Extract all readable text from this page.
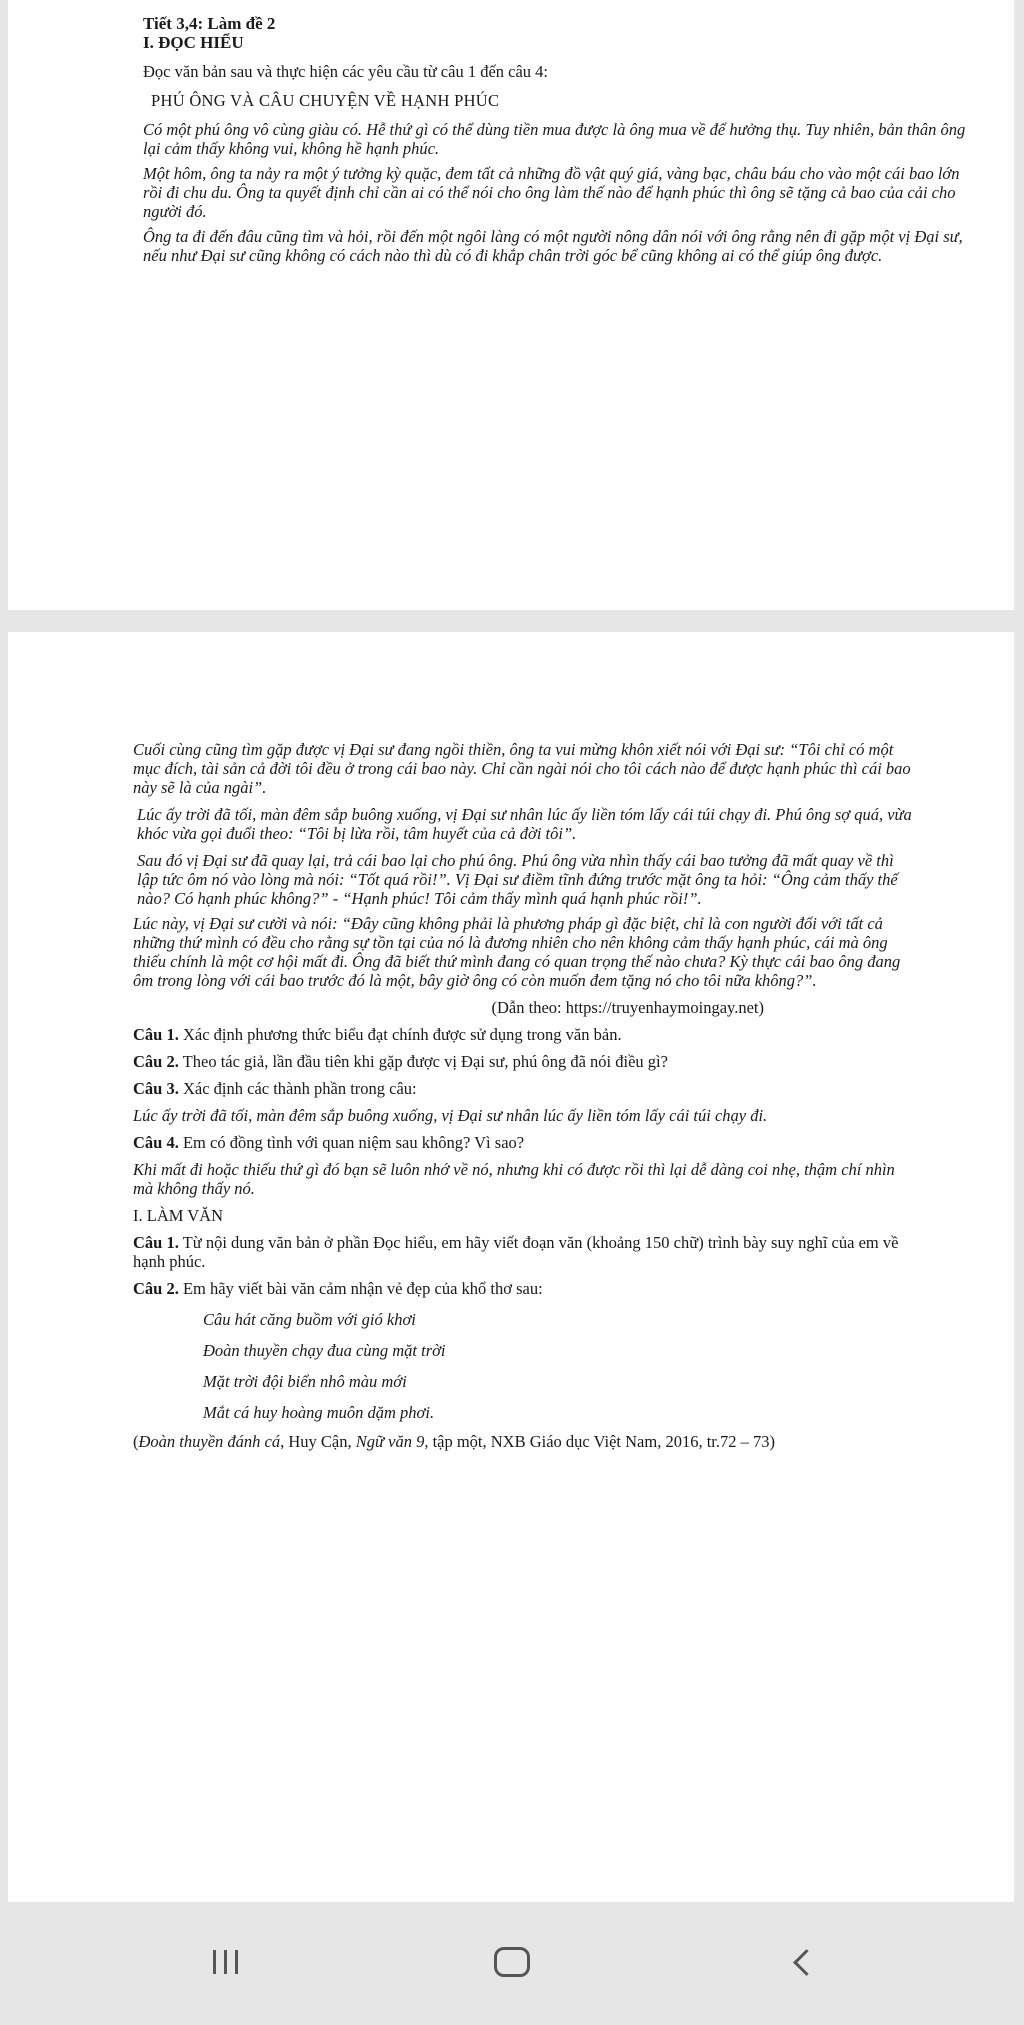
Tiết 3,4: Làm đề 2

I. ĐỌC HIỂU

Đọc văn bản sau và thực hiện các yêu cầu từ câu 1 đến câu 4:

PHÚ ÔNG VÀ CÂU CHUYỆN VỀ HẠNH PHÚC

Có một phú ông vô cùng giàu có. Hễ thứ gì có thể dùng tiền mua được là ông mua về để hưởng thụ. Tuy nhiên, bản thân ông lại cảm thấy không vui, không hề hạnh phúc.

Một hôm, ông ta nảy ra một ý tưởng kỳ quặc, đem tất cả những đồ vật quý giá, vàng bạc, châu báu cho vào một cái bao lớn rồi đi chu du. Ông ta quyết định chỉ cần ai có thể nói cho ông làm thế nào để hạnh phúc thì ông sẽ tặng cả bao của cải cho người đó.

Ông ta đi đến đâu cũng tìm và hỏi, rồi đến một ngôi làng có một người nông dân nói với ông rằng nên đi gặp một vị Đại sư, nếu như Đại sư cũng không có cách nào thì dù có đi khắp chân trời góc bể cũng không ai có thể giúp ông được.

Cuối cùng cũng tìm gặp được vị Đại sư đang ngồi thiền, ông ta vui mừng khôn xiết nói với Đại sư: “Tôi chỉ có một mục đích, tài sản cả đời tôi đều ở trong cái bao này. Chỉ cần ngài nói cho tôi cách nào để được hạnh phúc thì cái bao này sẽ là của ngài”.

Lúc ấy trời đã tối, màn đêm sắp buông xuống, vị Đại sư nhân lúc ấy liền tóm lấy cái túi chạy đi. Phú ông sợ quá, vừa khóc vừa gọi đuổi theo: “Tôi bị lừa rồi, tâm huyết của cả đời tôi”.

Sau đó vị Đại sư đã quay lại, trả cái bao lại cho phú ông. Phú ông vừa nhìn thấy cái bao tưởng đã mất quay về thì lập tức ôm nó vào lòng mà nói: “Tốt quá rồi!”. Vị Đại sư điềm tĩnh đứng trước mặt ông ta hỏi: “Ông cảm thấy thế nào? Có hạnh phúc không?” - “Hạnh phúc! Tôi cảm thấy mình quá hạnh phúc rồi!”.

Lúc này, vị Đại sư cười và nói: “Đây cũng không phải là phương pháp gì đặc biệt, chỉ là con người đối với tất cả những thứ mình có đều cho rằng sự tồn tại của nó là đương nhiên cho nên không cảm thấy hạnh phúc, cái mà ông thiếu chính là một cơ hội mất đi. Ông đã biết thứ mình đang có quan trọng thế nào chưa? Kỳ thực cái bao ông đang ôm trong lòng với cái bao trước đó là một, bây giờ ông có còn muốn đem tặng nó cho tôi nữa không?”.

(Dẫn theo: https://truyenhaymoingay.net)

Câu 1. Xác định phương thức biểu đạt chính được sử dụng trong văn bản.

Câu 2. Theo tác giả, lần đầu tiên khi gặp được vị Đại sư, phú ông đã nói điều gì?

Câu 3. Xác định các thành phần trong câu:

Lúc ấy trời đã tối, màn đêm sắp buông xuống, vị Đại sư nhân lúc ấy liền tóm lấy cái túi chạy đi.

Câu 4. Em có đồng tình với quan niệm sau không? Vì sao?

Khi mất đi hoặc thiếu thứ gì đó bạn sẽ luôn nhớ về nó, nhưng khi có được rồi thì lại dễ dàng coi nhẹ, thậm chí nhìn mà không thấy nó.

I. LÀM VĂN

Câu 1. Từ nội dung văn bản ở phần Đọc hiểu, em hãy viết đoạn văn (khoảng 150 chữ) trình bày suy nghĩ của em về hạnh phúc.

Câu 2. Em hãy viết bài văn cảm nhận vẻ đẹp của khổ thơ sau:

Câu hát căng buồm với gió khơi

Đoàn thuyền chạy đua cùng mặt trời

Mặt trời đội biển nhô màu mới

Mắt cá huy hoàng muôn dặm phơi.

(Đoàn thuyền đánh cá, Huy Cận, Ngữ văn 9, tập một, NXB Giáo dục Việt Nam, 2016, tr.72 – 73)
